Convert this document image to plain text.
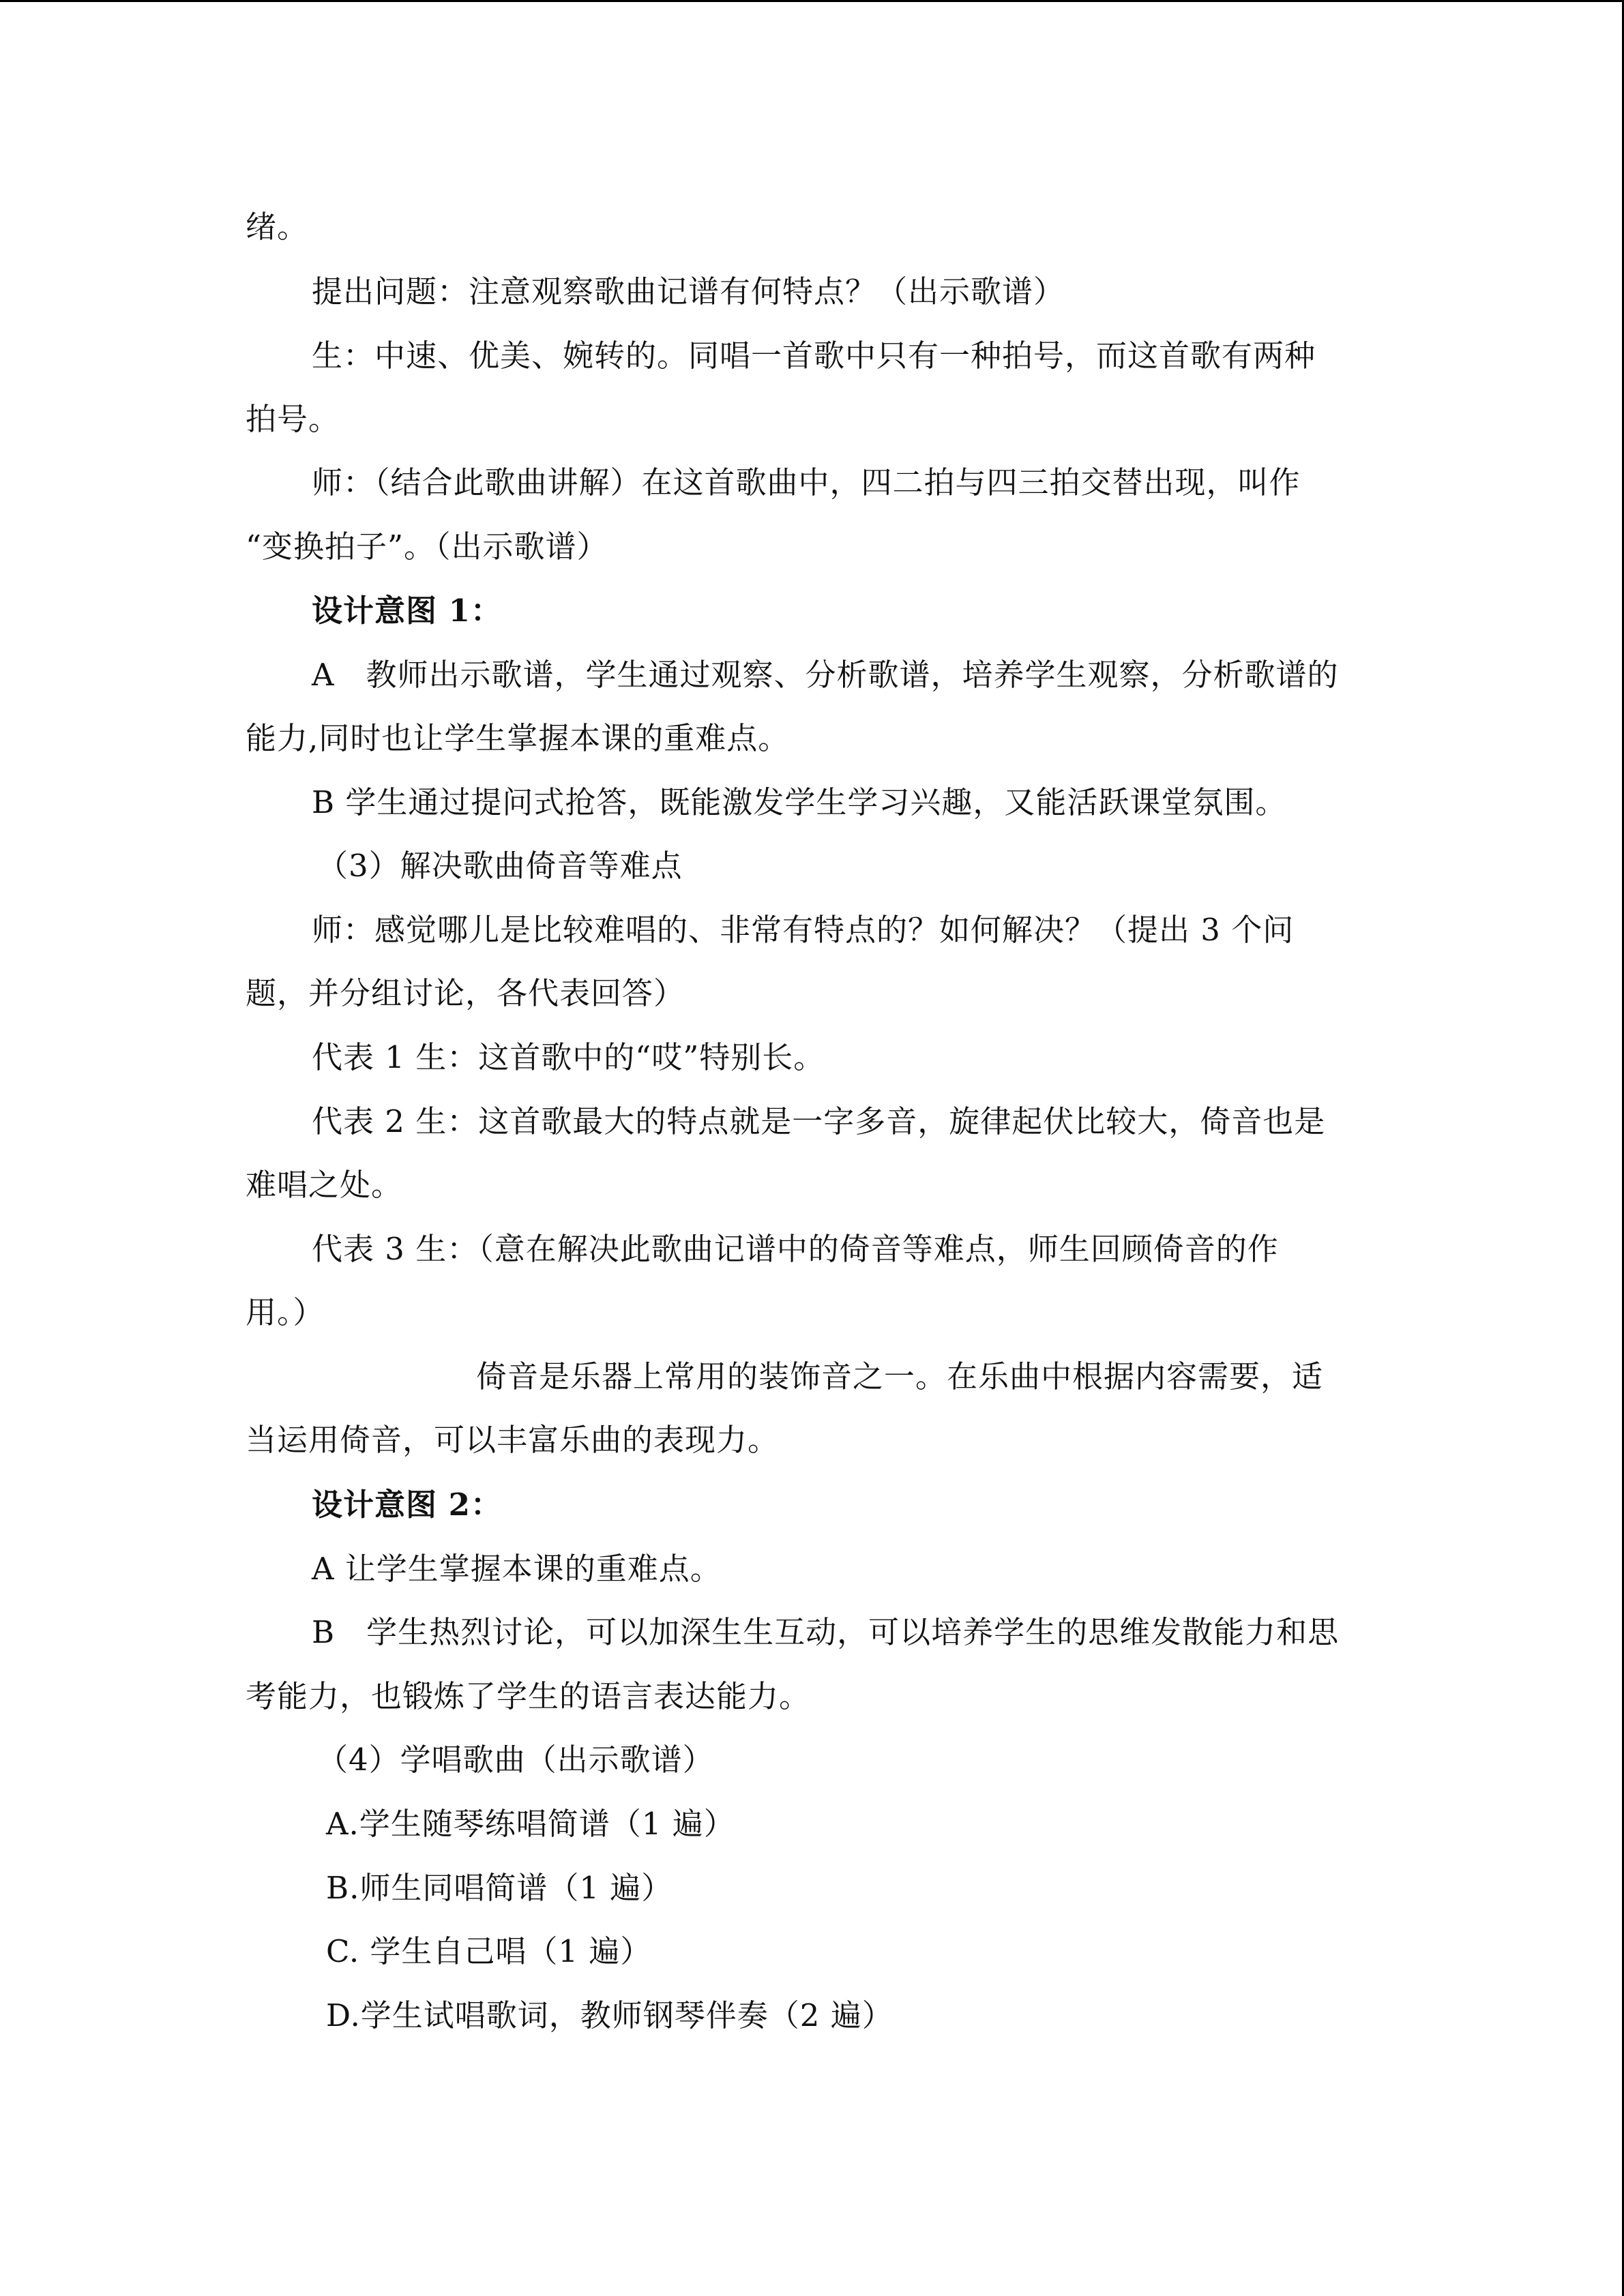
绪。
提出问题：注意观察歌曲记谱有何特点？（出示歌谱）
生：中速、优美、婉转的。同唱一首歌中只有一种拍号，而这首歌有两种
拍号。
师：（结合此歌曲讲解）在这首歌曲中，四二拍与四三拍交替出现，叫作
“变换拍子”。（出示歌谱）
设计意图 1：
A　教师出示歌谱，学生通过观察、分析歌谱，培养学生观察，分析歌谱的
能力,同时也让学生掌握本课的重难点。
B 学生通过提问式抢答，既能激发学生学习兴趣，又能活跃课堂氛围。
（3）解决歌曲倚音等难点
师：感觉哪儿是比较难唱的、非常有特点的？如何解决？（提出 3 个问
题，并分组讨论，各代表回答）
代表 1 生：这首歌中的“哎”特别长。
代表 2 生：这首歌最大的特点就是一字多音，旋律起伏比较大，倚音也是
难唱之处。
代表 3 生：（意在解决此歌曲记谱中的倚音等难点，师生回顾倚音的作
用。）
倚音是乐器上常用的装饰音之一。在乐曲中根据内容需要，适
当运用倚音，可以丰富乐曲的表现力。
设计意图 2：
A 让学生掌握本课的重难点。
B　学生热烈讨论，可以加深生生互动，可以培养学生的思维发散能力和思
考能力，也锻炼了学生的语言表达能力。
（4）学唱歌曲（出示歌谱）
A.学生随琴练唱简谱（1 遍）
B.师生同唱简谱（1 遍）
C. 学生自己唱（1 遍）
D.学生试唱歌词，教师钢琴伴奏（2 遍）
